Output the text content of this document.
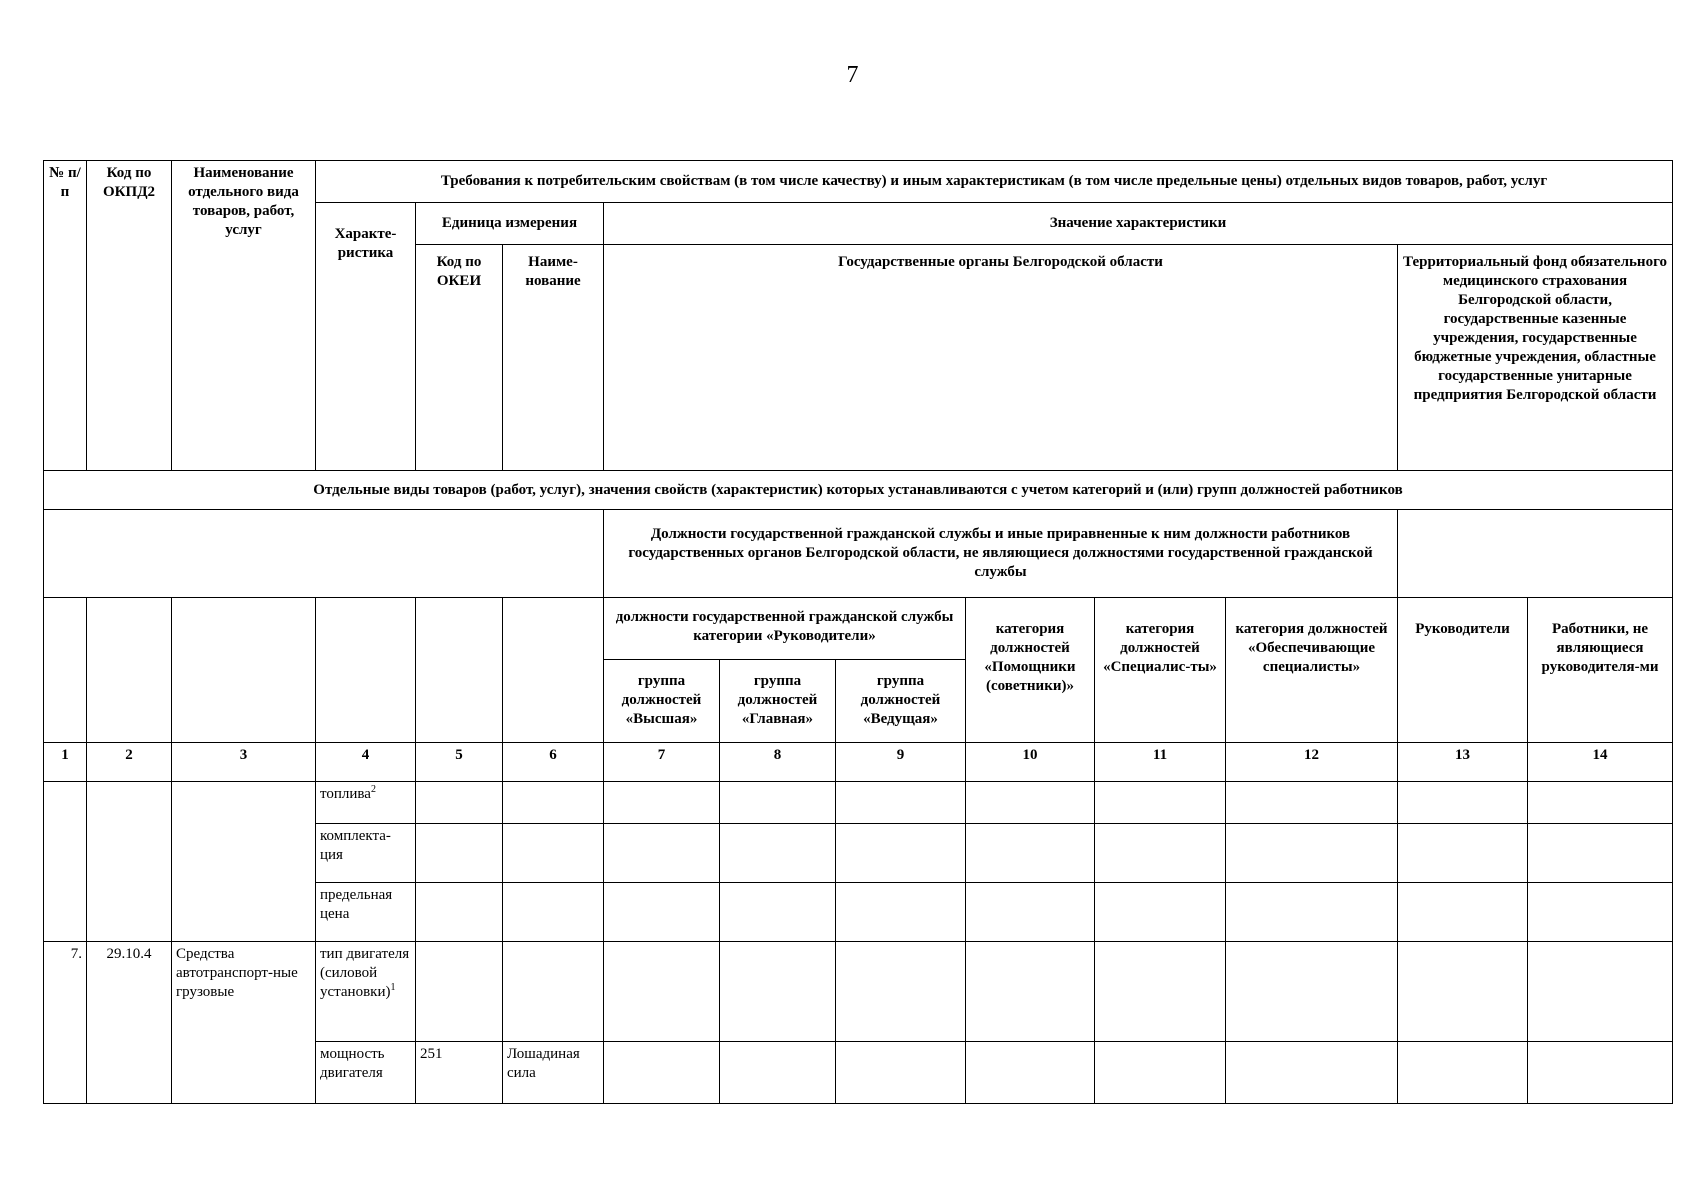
7
№ п/п	Код по ОКПД2	Наименование отдельного вида товаров, работ, услуг	Требования к потребительским свойствам (в том числе качеству) и иным характеристикам (в том числе предельные цены) отдельных видов товаров, работ, услуг										
			Характе-ристика	Единица измерения		Значение характеристики							
				Код по ОКЕИ	Наиме-нование	Государственные органы Белгородской области						Территориальный фонд обязательного медицинского страхования Белгородской области, государственные казенные учреждения, государственные бюджетные учреждения, областные государственные унитарные предприятия Белгородской области	
Отдельные виды товаров (работ, услуг), значения свойств (характеристик) которых устанавливаются с учетом категорий и (или) групп должностей работников													
						Должности государственной гражданской службы и иные приравненные к ним должности работников государственных органов Белгородской области, не являющиеся должностями государственной гражданской службы							
						должности государственной гражданской службы категории «Руководители»			категория должностей «Помощники (советники)»	категория должностей «Специалис-ты»	категория должностей «Обеспечивающие специалисты»	Руководители	Работники, не являющиеся руководителя-ми
						группа должностей «Высшая»	группа должностей «Главная»	группа должностей «Ведущая»					
1	2	3	4	5	6	7	8	9	10	11	12	13	14
			топлива$^2$										
			комплекта-ция										
			предельная цена										
7.	29.10.4	Средства автотранспорт-ные грузовые	тип двигателя (силовой установки)$^1$										
			мощность двигателя	251	Лошадиная сила								
